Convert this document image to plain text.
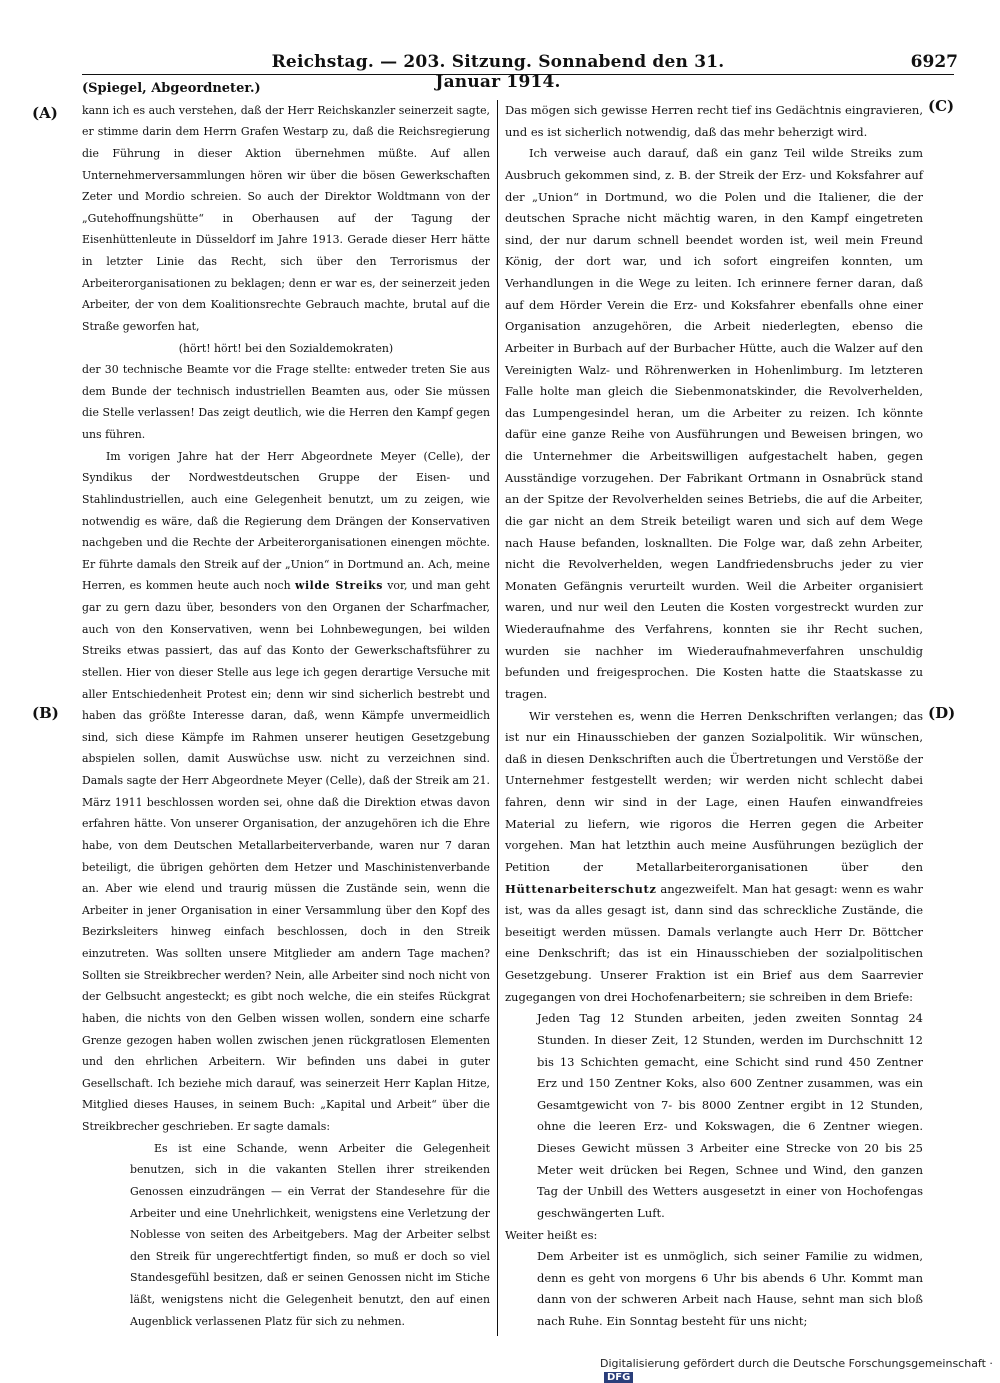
Reichstag. — 203. Sitzung. Sonnabend den 31. Januar 1914.
6927
(A)
(B)
(C)
(D)

(Spiegel, Abgeordneter.)

kann ich es auch verstehen, daß der Herr Reichskanzler seinerzeit sagte, er stimme darin dem Herrn Grafen Westarp zu, daß die Reichsregierung die Führung in dieser Aktion übernehmen müßte. Auf allen Unternehmerversammlungen hören wir über die bösen Gewerkschaften Zeter und Mordio schreien. So auch der Direktor Woldtmann von der „Gutehoffnungshütte“ in Oberhausen auf der Tagung der Eisenhüttenleute in Düsseldorf im Jahre 1913. Gerade dieser Herr hätte in letzter Linie das Recht, sich über den Terrorismus der Arbeiterorganisationen zu beklagen; denn er war es, der seinerzeit jeden Arbeiter, der von dem Koalitionsrechte Gebrauch machte, brutal auf die Straße geworfen hat,

(hört! hört! bei den Sozialdemokraten)

der 30 technische Beamte vor die Frage stellte: entweder treten Sie aus dem Bunde der technisch industriellen Beamten aus, oder Sie müssen die Stelle verlassen! Das zeigt deutlich, wie die Herren den Kampf gegen uns führen.

Im vorigen Jahre hat der Herr Abgeordnete Meyer (Celle), der Syndikus der Nordwestdeutschen Gruppe der Eisen- und Stahlindustriellen, auch eine Gelegenheit benutzt, um zu zeigen, wie notwendig es wäre, daß die Regierung dem Drängen der Konservativen nachgeben und die Rechte der Arbeiterorganisationen einengen möchte. Er führte damals den Streik auf der „Union“ in Dortmund an. Ach, meine Herren, es kommen heute auch noch wilde Streiks vor, und man geht gar zu gern dazu über, besonders von den Organen der Scharfmacher, auch von den Konservativen, wenn bei Lohnbewegungen, bei wilden Streiks etwas passiert, das auf das Konto der Gewerkschaftsführer zu stellen. Hier von dieser Stelle aus lege ich gegen derartige Versuche mit aller Entschiedenheit Protest ein; denn wir sind sicherlich bestrebt und haben das größte Interesse daran, daß, wenn Kämpfe unvermeidlich sind, sich diese Kämpfe im Rahmen unserer heutigen Gesetzgebung abspielen sollen, damit Auswüchse usw. nicht zu verzeichnen sind. Damals sagte der Herr Abgeordnete Meyer (Celle), daß der Streik am 21. März 1911 beschlossen worden sei, ohne daß die Direktion etwas davon erfahren hätte. Von unserer Organisation, der anzugehören ich die Ehre habe, von dem Deutschen Metallarbeiterverbande, waren nur 7 daran beteiligt, die übrigen gehörten dem Hetzer und Maschinistenverbande an. Aber wie elend und traurig müssen die Zustände sein, wenn die Arbeiter in jener Organisation in einer Versammlung über den Kopf des Bezirksleiters hinweg einfach beschlossen, doch in den Streik einzutreten. Was sollten unsere Mitglieder am andern Tage machen? Sollten sie Streikbrecher werden? Nein, alle Arbeiter sind noch nicht von der Gelbsucht angesteckt; es gibt noch welche, die ein steifes Rückgrat haben, die nichts von den Gelben wissen wollen, sondern eine scharfe Grenze gezogen haben wollen zwischen jenen rückgratlosen Elementen und den ehrlichen Arbeitern. Wir befinden uns dabei in guter Gesellschaft. Ich beziehe mich darauf, was seinerzeit Herr Kaplan Hitze, Mitglied dieses Hauses, in seinem Buch: „Kapital und Arbeit“ über die Streikbrecher geschrieben. Er sagte damals:

Es ist eine Schande, wenn Arbeiter die Gelegenheit benutzen, sich in die vakanten Stellen ihrer streikenden Genossen einzudrängen — ein Verrat der Standesehre für die Arbeiter und eine Unehrlichkeit, wenigstens eine Verletzung der Noblesse von seiten des Arbeitgebers. Mag der Arbeiter selbst den Streik für ungerechtfertigt finden, so muß er doch so viel Standesgefühl besitzen, daß er seinen Genossen nicht im Stiche läßt, wenigstens nicht die Gelegenheit benutzt, den auf einen Augenblick verlassenen Platz für sich zu nehmen.

Das mögen sich gewisse Herren recht tief ins Gedächtnis eingravieren, und es ist sicherlich notwendig, daß das mehr beherzigt wird.

Ich verweise auch darauf, daß ein ganz Teil wilde Streiks zum Ausbruch gekommen sind, z. B. der Streik der Erz- und Koksfahrer auf der „Union“ in Dortmund, wo die Polen und die Italiener, die der deutschen Sprache nicht mächtig waren, in den Kampf eingetreten sind, der nur darum schnell beendet worden ist, weil mein Freund König, der dort war, und ich sofort eingreifen konnten, um Verhandlungen in die Wege zu leiten. Ich erinnere ferner daran, daß auf dem Hörder Verein die Erz- und Koksfahrer ebenfalls ohne einer Organisation anzugehören, die Arbeit niederlegten, ebenso die Arbeiter in Burbach auf der Burbacher Hütte, auch die Walzer auf den Vereinigten Walz- und Röhrenwerken in Hohenlimburg. Im letzteren Falle holte man gleich die Siebenmonatskinder, die Revolverhelden, das Lumpengesindel heran, um die Arbeiter zu reizen. Ich könnte dafür eine ganze Reihe von Ausführungen und Beweisen bringen, wo die Unternehmer die Arbeitswilligen aufgestachelt haben, gegen Ausständige vorzugehen. Der Fabrikant Ortmann in Osnabrück stand an der Spitze der Revolverhelden seines Betriebs, die auf die Arbeiter, die gar nicht an dem Streik beteiligt waren und sich auf dem Wege nach Hause befanden, losknallten. Die Folge war, daß zehn Arbeiter, nicht die Revolverhelden, wegen Landfriedensbruchs jeder zu vier Monaten Gefängnis verurteilt wurden. Weil die Arbeiter organisiert waren, und nur weil den Leuten die Kosten vorgestreckt wurden zur Wiederaufnahme des Verfahrens, konnten sie ihr Recht suchen, wurden sie nachher im Wiederaufnahmeverfahren unschuldig befunden und freigesprochen. Die Kosten hatte die Staatskasse zu tragen.

Wir verstehen es, wenn die Herren Denkschriften verlangen; das ist nur ein Hinausschieben der ganzen Sozialpolitik. Wir wünschen, daß in diesen Denkschriften auch die Übertretungen und Verstöße der Unternehmer festgestellt werden; wir werden nicht schlecht dabei fahren, denn wir sind in der Lage, einen Haufen einwandfreies Material zu liefern, wie rigoros die Herren gegen die Arbeiter vorgehen. Man hat letzthin auch meine Ausführungen bezüglich der Petition der Metallarbeiterorganisationen über den Hüttenarbeiterschutz angezweifelt. Man hat gesagt: wenn es wahr ist, was da alles gesagt ist, dann sind das schreckliche Zustände, die beseitigt werden müssen. Damals verlangte auch Herr Dr. Böttcher eine Denkschrift; das ist ein Hinausschieben der sozialpolitischen Gesetzgebung. Unserer Fraktion ist ein Brief aus dem Saarrevier zugegangen von drei Hochofenarbeitern; sie schreiben in dem Briefe:

Jeden Tag 12 Stunden arbeiten, jeden zweiten Sonntag 24 Stunden. In dieser Zeit, 12 Stunden, werden im Durchschnitt 12 bis 13 Schichten gemacht, eine Schicht sind rund 450 Zentner Erz und 150 Zentner Koks, also 600 Zentner zusammen, was ein Gesamtgewicht von 7- bis 8000 Zentner ergibt in 12 Stunden, ohne die leeren Erz- und Kokswagen, die 6 Zentner wiegen. Dieses Gewicht müssen 3 Arbeiter eine Strecke von 20 bis 25 Meter weit drücken bei Regen, Schnee und Wind, den ganzen Tag der Unbill des Wetters ausgesetzt in einer von Hochofengas geschwängerten Luft.

Weiter heißt es:

Dem Arbeiter ist es unmöglich, sich seiner Familie zu widmen, denn es geht von morgens 6 Uhr bis abends 6 Uhr. Kommt man dann von der schweren Arbeit nach Hause, sehnt man sich bloß nach Ruhe. Ein Sonntag besteht für uns nicht;

Digitalisierung gefördert durch die Deutsche Forschungsgemeinschaft ·DFG
